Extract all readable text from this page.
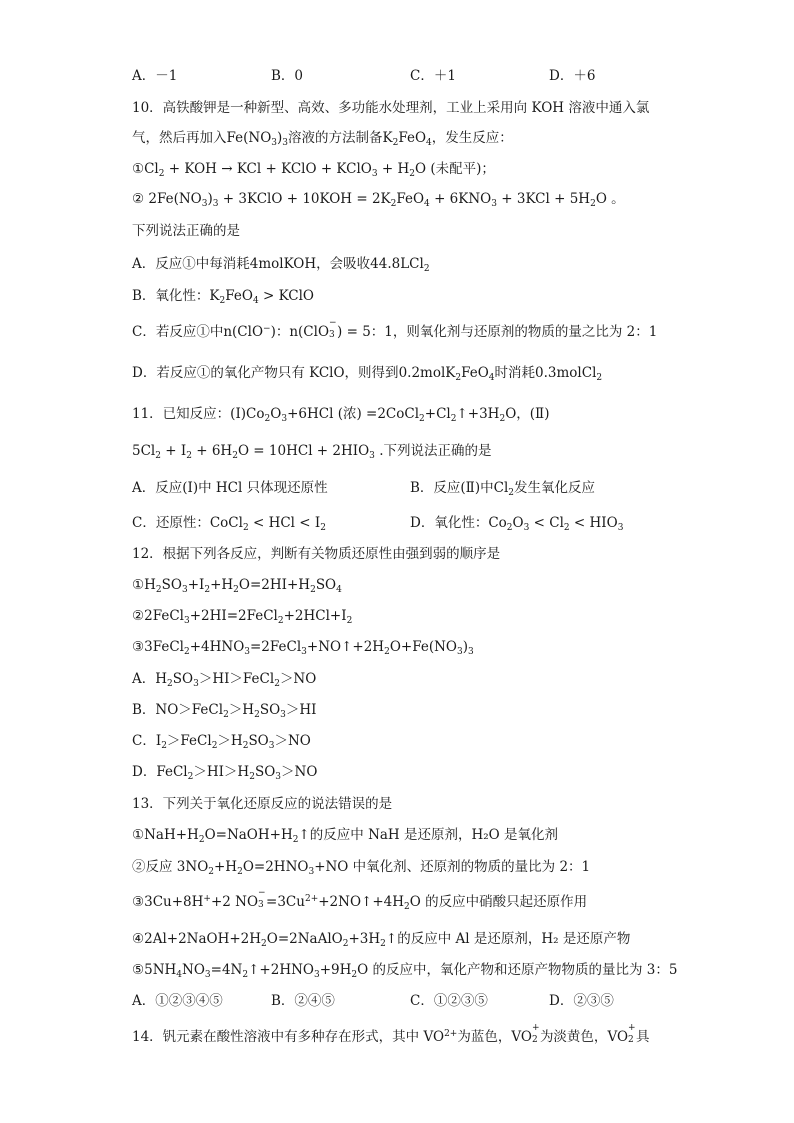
A．－1	B．0	C．＋1	D．＋6
10．高铁酸钾是一种新型、高效、多功能水处理剂，工业上采用向 KOH 溶液中通入氯
气，然后再加入$Fe(NO_3)_3$溶液的方法制备$K_2FeO_4$，发生反应：
$①Cl_2$ + KOH → KCl + KClO + KClO$_3$ + $H_2O$ (未配平)；
② $2Fe(NO_3)_3$ + 3KClO + $10KOH = 2K_2FeO_4 + 6KNO_3 + 3KCl + 5H_2O$ 。
下列说法正确的是
A．反应①中每消耗4molKOH，会吸收44.8LCl$_2$
B．氧化性：$K_2FeO_4$ > KClO
C．若反应①中n(ClO−)：n(ClO
−
3 ) = 5：1，则氧化剂与还原剂的物质的量之比为 2：1
D．若反应①的氧化产物只有 KClO，则得到0.2molK$_2$FeO$_4$时消耗0.3molCl$_2$
11．已知反应：$(Ⅰ)Co_2O_3+6HCl$ (浓) $=2CoCl_2+Cl_2↑+3H_2O$，(Ⅱ)
$5Cl_2 + I_2 + 6H_2O = 10HCl + 2HIO_3$ .下列说法正确的是
A．反应(Ⅰ)中 HCl 只体现还原性	B．反应(Ⅱ)中$Cl_2$发生氧化反应
C．还原性：CoCl$_2$ < HCl < $I_2$	D．氧化性：$Co_2O_3 < Cl_2 < HIO_3$
12．根据下列各反应，判断有关物质还原性由强到弱的顺序是
$①H_2SO_3+I_2+H_2O=2HI+H_2SO_4$
$②2FeCl_3+2HI=2FeCl_2+2HCl+I_2$
$③3FeCl_2+4HNO_3=2FeCl_3+NO↑+2H_2O+Fe(NO_3)_3$
A．$H_2SO_3>HI>FeCl_2>NO$
B．$NO>FeCl_2>H_2SO_3>HI$
C．$I_2>FeCl_2>H_2SO_3>NO$
D．$FeCl_2>HI>H_2SO_3>NO$
13．下列关于氧化还原反应的说法错误的是
$①NaH+H_2O=NaOH+H_2↑$的反应中 NaH 是还原剂，H₂O 是氧化剂
②反应 $3NO_2+H_2O=2HNO_3+NO$ 中氧化剂、还原剂的物质的量比为 2：1
③3Cu+8H++2 NO
−
$3 =3Cu^{2+}+2NO↑+4H_2O$ 的反应中硝酸只起还原作用
$④2Al+2NaOH+2H_2O=2NaAlO_2+3H_2↑$的反应中 Al 是还原剂，H₂ 是还原产物
$⑤5NH_4NO_3=4N_2↑+2HNO_3+9H_2O$ 的反应中，氧化产物和还原产物物质的量比为 3：5
A．①②③④⑤	B．②④⑤	C．①②③⑤	D．②③⑤
14．钒元素在酸性溶液中有多种存在形式，其中 $VO^{2+}$为蓝色，VO
+
2 为淡黄色，VO
+
2 具
